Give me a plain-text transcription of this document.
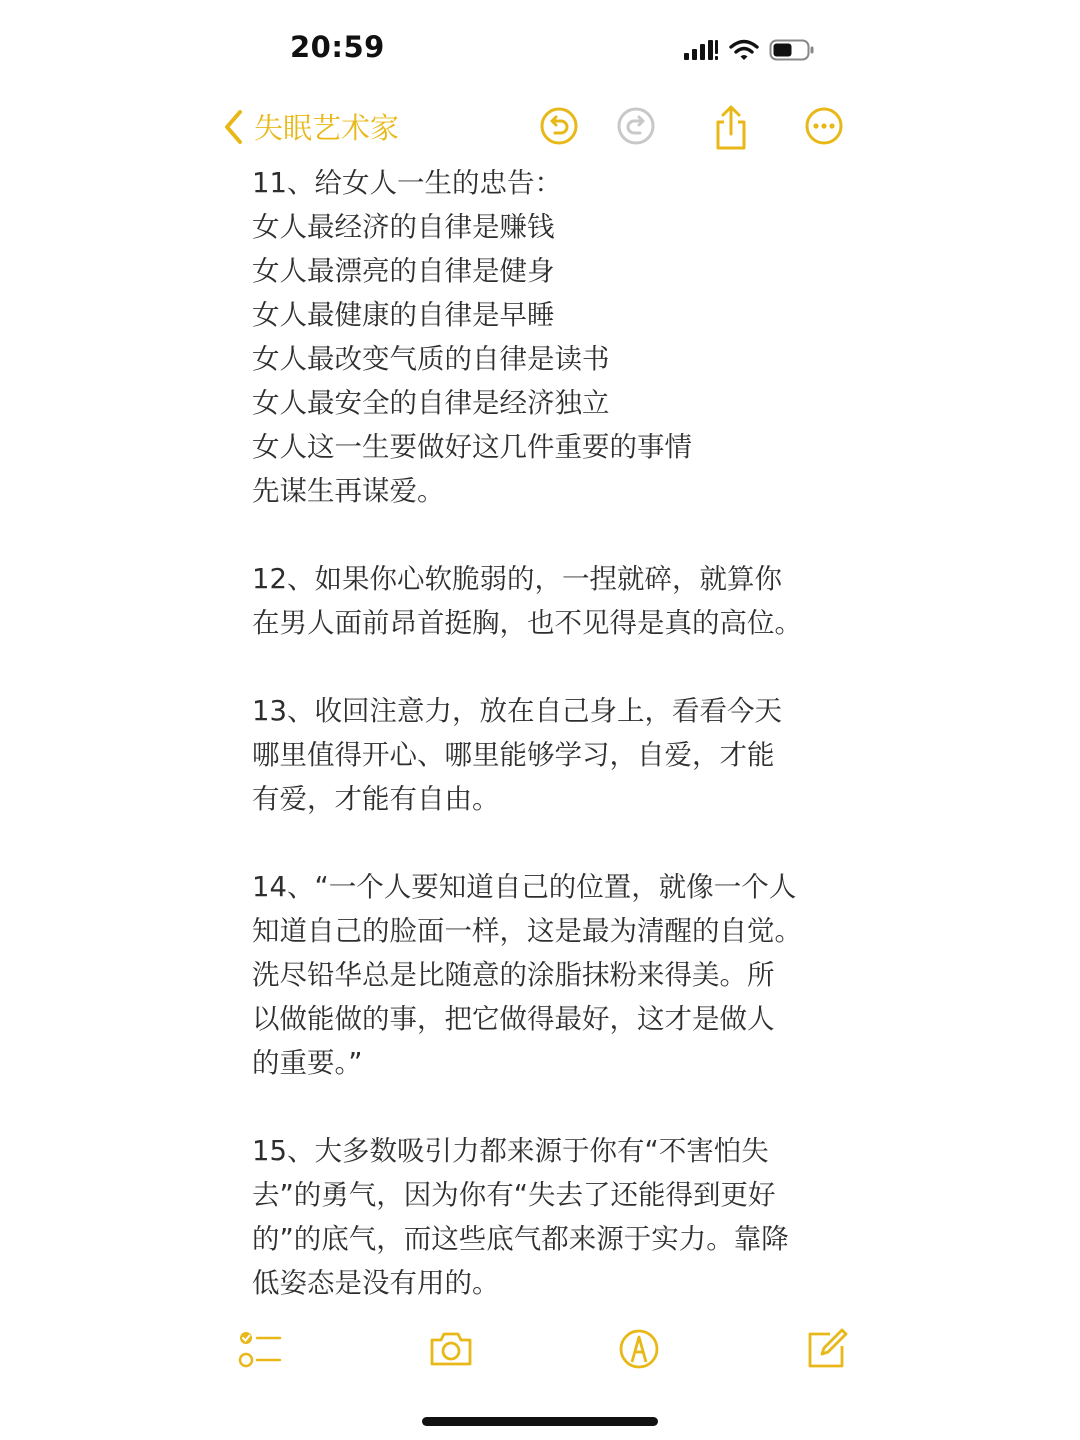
20:59
失眠艺术家

11、给女人一生的忠告：

女人最经济的自律是赚钱

女人最漂亮的自律是健身

女人最健康的自律是早睡

女人最改变气质的自律是读书

女人最安全的自律是经济独立

女人这一生要做好这几件重要的事情

先谋生再谋爱。

12、如果你心软脆弱的，一捏就碎，就算你

在男人面前昂首挺胸，也不见得是真的高位。

13、收回注意力，放在自己身上，看看今天

哪里值得开心、哪里能够学习，自爱，才能

有爱，才能有自由。

14、“一个人要知道自己的位置，就像一个人

知道自己的脸面一样，这是最为清醒的自觉。

洗尽铅华总是比随意的涂脂抹粉来得美。所

以做能做的事，把它做得最好，这才是做人

的重要。”

15、大多数吸引力都来源于你有“不害怕失

去”的勇气，因为你有“失去了还能得到更好

的”的底气，而这些底气都来源于实力。靠降

低姿态是没有用的。
